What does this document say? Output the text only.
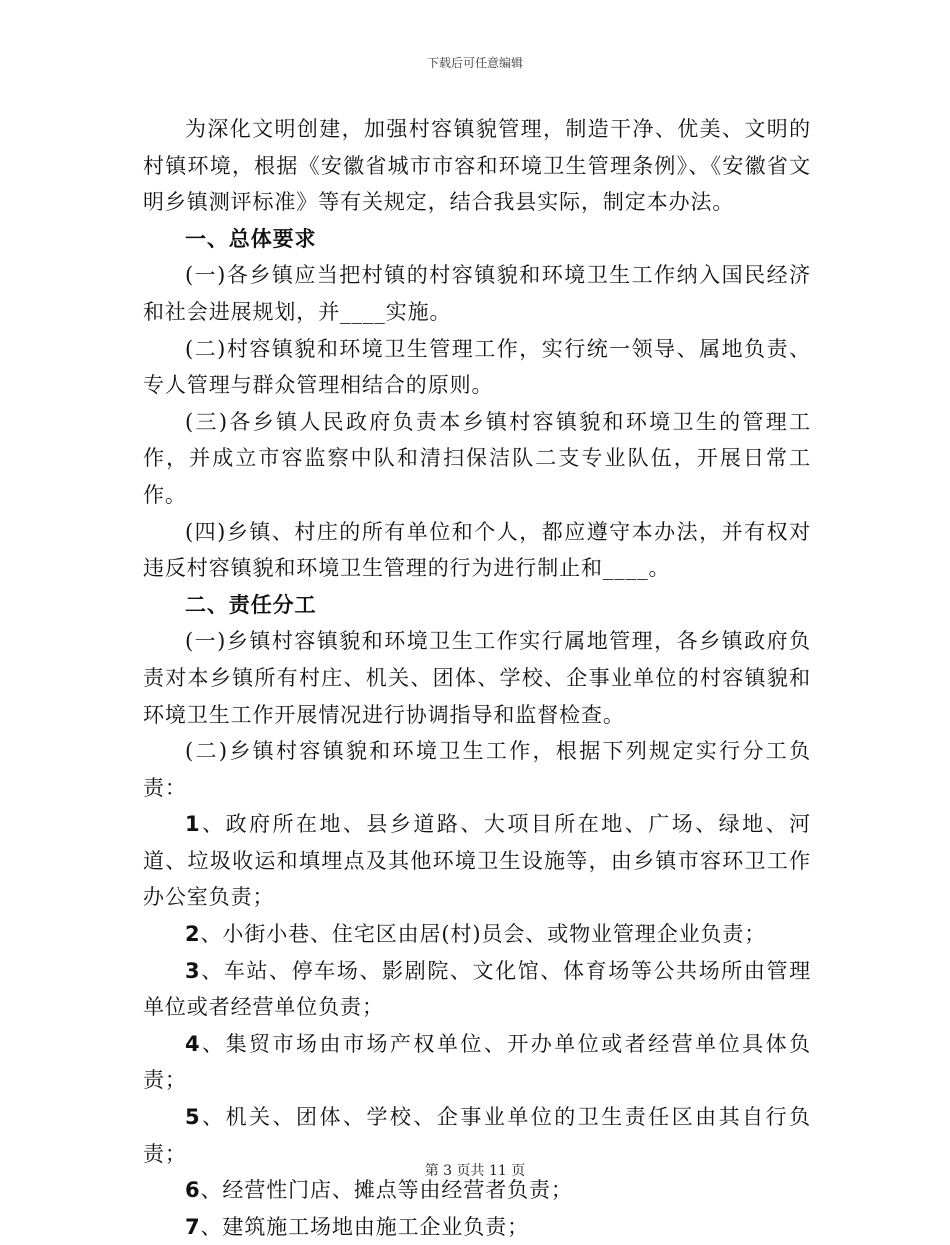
下载后可任意编辑

为深化文明创建，加强村容镇貌管理，制造干净、优美、文明的村镇环境，根据《安徽省城市市容和环境卫生管理条例》、《安徽省文明乡镇测评标准》等有关规定，结合我县实际，制定本办法。

一、总体要求

(一)各乡镇应当把村镇的村容镇貌和环境卫生工作纳入国民经济和社会进展规划，并____实施。

(二)村容镇貌和环境卫生管理工作，实行统一领导、属地负责、专人管理与群众管理相结合的原则。

(三)各乡镇人民政府负责本乡镇村容镇貌和环境卫生的管理工作，并成立市容监察中队和清扫保洁队二支专业队伍，开展日常工作。

(四)乡镇、村庄的所有单位和个人，都应遵守本办法，并有权对违反村容镇貌和环境卫生管理的行为进行制止和____。

二、责任分工

(一)乡镇村容镇貌和环境卫生工作实行属地管理，各乡镇政府负责对本乡镇所有村庄、机关、团体、学校、企事业单位的村容镇貌和环境卫生工作开展情况进行协调指导和监督检查。

(二)乡镇村容镇貌和环境卫生工作，根据下列规定实行分工负责：

1、政府所在地、县乡道路、大项目所在地、广场、绿地、河道、垃圾收运和填埋点及其他环境卫生设施等，由乡镇市容环卫工作办公室负责；

2、小街小巷、住宅区由居(村)员会、或物业管理企业负责；

3、车站、停车场、影剧院、文化馆、体育场等公共场所由管理单位或者经营单位负责；

4、集贸市场由市场产权单位、开办单位或者经营单位具体负责；

5、机关、团体、学校、企事业单位的卫生责任区由其自行负责；

6、经营性门店、摊点等由经营者负责；

7、建筑施工场地由施工企业负责；

第 3 页共 11 页
